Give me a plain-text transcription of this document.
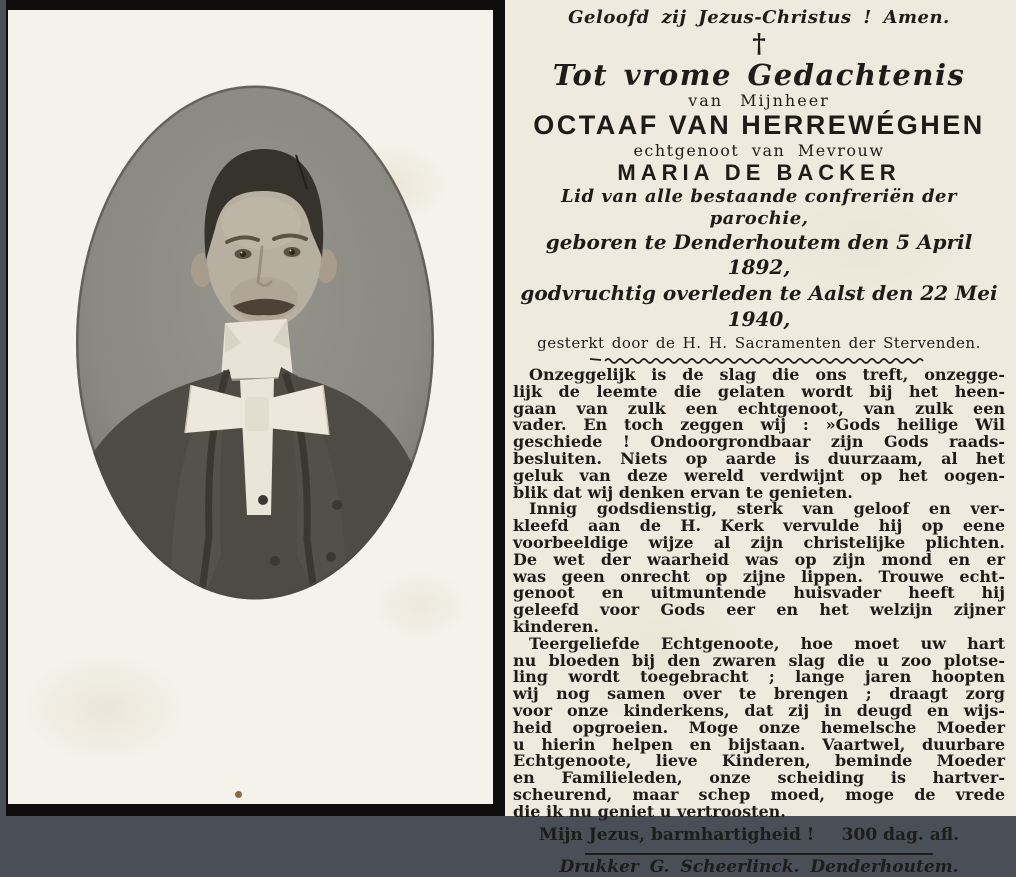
Geloofd zij Jezus-Christus ! Amen.
†
Tot vrome Gedachtenis
van Mijnheer
OCTAAF VAN HERREWÉGHEN
echtgenoot van Mevrouw
MARIA DE BACKER
Lid van alle bestaande confreriën der parochie,
geboren te Denderhoutem den 5 April 1892,
godvruchtig overleden te Aalst den 22 Mei 1940,
gesterkt door de H. H. Sacramenten der Stervenden.
Onzeggelijk is de slag die ons treft, onzegge-
lijk de leemte die gelaten wordt bij het heen-
gaan van zulk een echtgenoot, van zulk een
vader. En toch zeggen wij : »Gods heilige Wil
geschiede ! Ondoorgrondbaar zijn Gods raads-
besluiten. Niets op aarde is duurzaam, al het
geluk van deze wereld verdwijnt op het oogen-
blik dat wij denken ervan te genieten.
Innig godsdienstig, sterk van geloof en ver-
kleefd aan de H. Kerk vervulde hij op eene
voorbeeldige wijze al zijn christelijke plichten.
De wet der waarheid was op zijn mond en er
was geen onrecht op zijne lippen. Trouwe echt-
genoot en uitmuntende huisvader heeft hij
geleefd voor Gods eer en het welzijn zijner
kinderen.
Teergeliefde Echtgenoote, hoe moet uw hart
nu bloeden bij den zwaren slag die u zoo plotse-
ling wordt toegebracht ; lange jaren hoopten
wij nog samen over te brengen ; draagt zorg
voor onze kinderkens, dat zij in deugd en wijs-
heid opgroeien. Moge onze hemelsche Moeder
u hierin helpen en bijstaan. Vaartwel, duurbare
Echtgenoote, lieve Kinderen, beminde Moeder
en Familieleden, onze scheiding is hartver-
scheurend, maar schep moed, moge de vrede
die ik nu geniet u vertroosten.
Mijn Jezus, barmhartigheid ! 300 dag. afl.
Drukker G. Scheerlinck. Denderhoutem.
